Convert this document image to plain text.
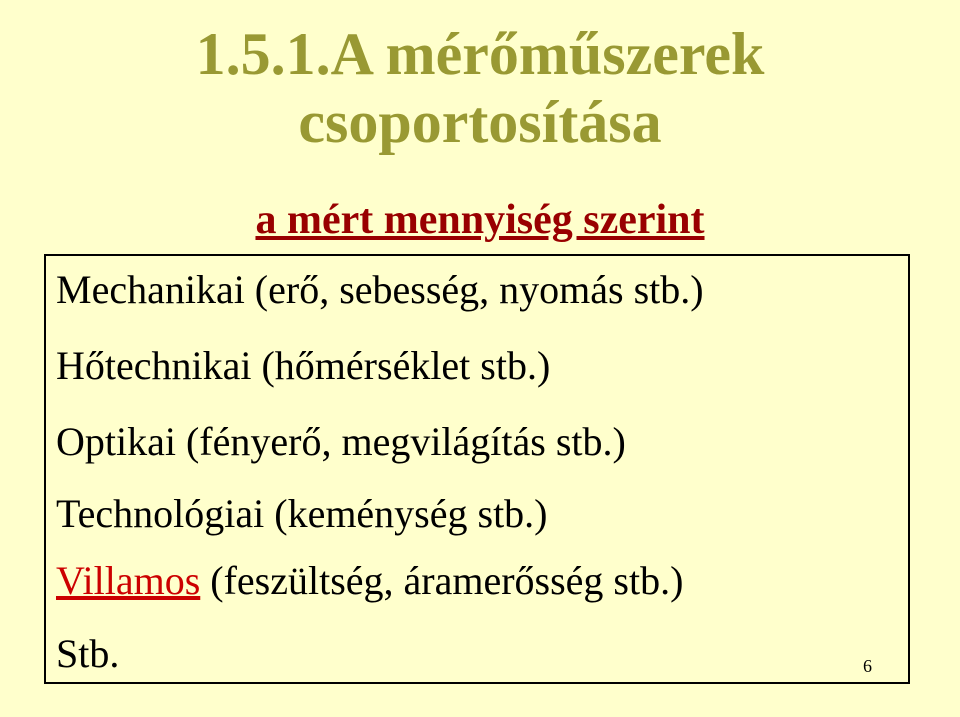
1.5.1.A mérőműszerek
csoportosítása
a mért mennyiség szerint
Mechanikai (erő, sebesség, nyomás stb.)
Hőtechnikai (hőmérséklet stb.)
Optikai (fényerő, megvilágítás stb.)
Technológiai (keménység stb.)
Villamos (feszültség, áramerősség stb.)
Stb.	6
